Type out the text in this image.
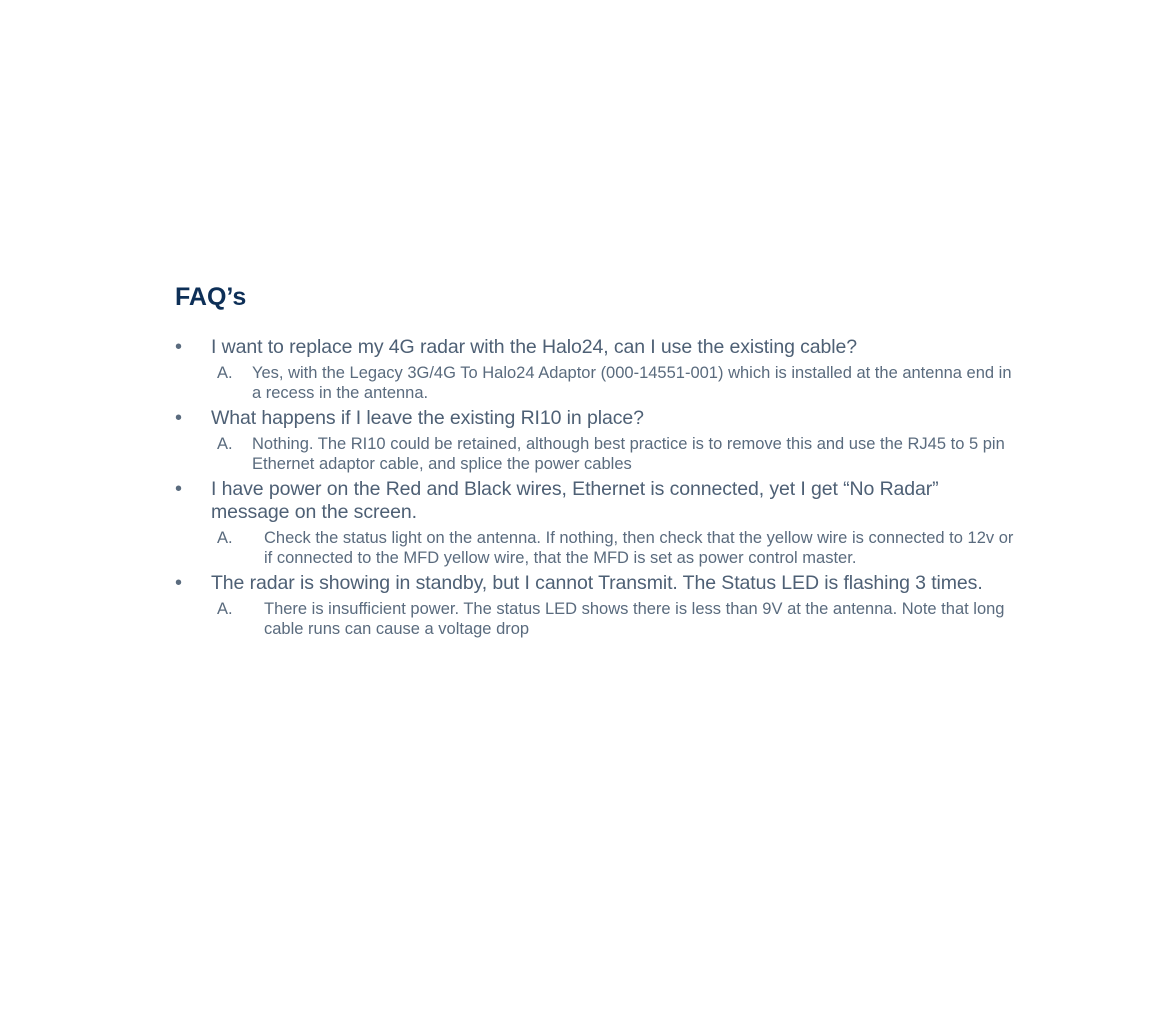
FAQ’s
• I want to replace my 4G radar with the Halo24, can I use the existing cable?
A.	Yes, with the Legacy 3G/4G To Halo24 Adaptor (000-14551-001) which is installed at the antenna end in a recess in the antenna.
• What happens if I leave the existing RI10 in place?
A.	Nothing. The RI10 could be retained, although best practice is to remove this and use the RJ45 to 5 pin Ethernet adaptor cable, and splice the power cables
• I have power on the Red and Black wires, Ethernet is connected, yet I get “No Radar” message on the screen.
A.	Check the status light on the antenna. If nothing, then check that the yellow wire is connected to 12v or if connected to the MFD yellow wire, that the MFD is set as power control master.
• The radar is showing in standby, but I cannot Transmit. The Status LED is flashing 3 times.
A.	There is insufficient power. The status LED shows there is less than 9V at the antenna. Note that long cable runs can cause a voltage drop
